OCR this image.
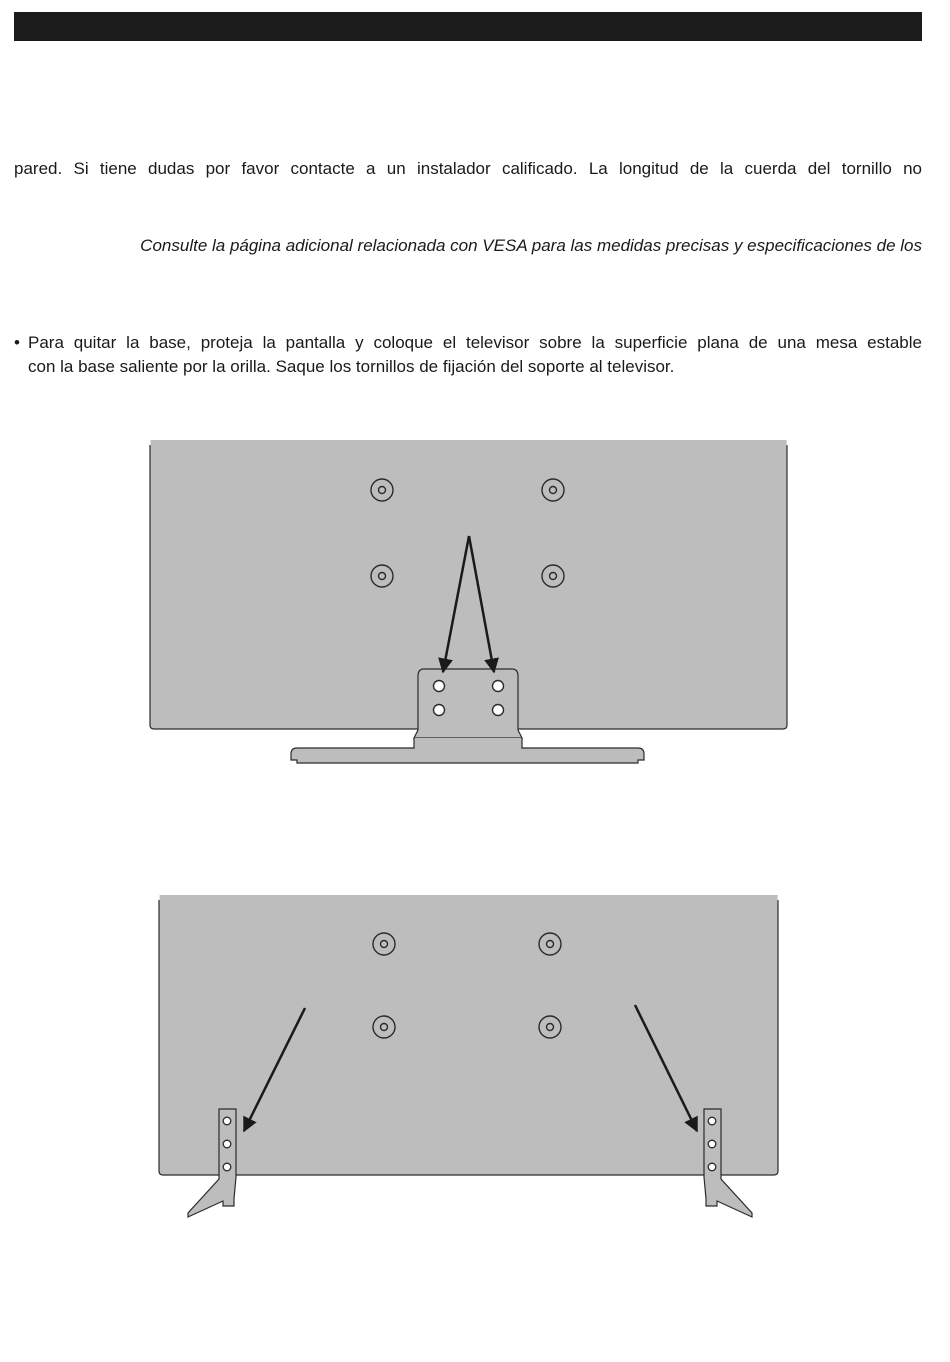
pared. Si tiene dudas por favor contacte a un instalador calificado. La longitud de la cuerda del tornillo no
Consulte la página adicional relacionada con VESA para las medidas precisas y especificaciones de los
• Para quitar la base, proteja la pantalla y coloque el televisor sobre la superficie plana de una mesa estable
con la base saliente por la orilla. Saque los tornillos de fijación del soporte al televisor.
